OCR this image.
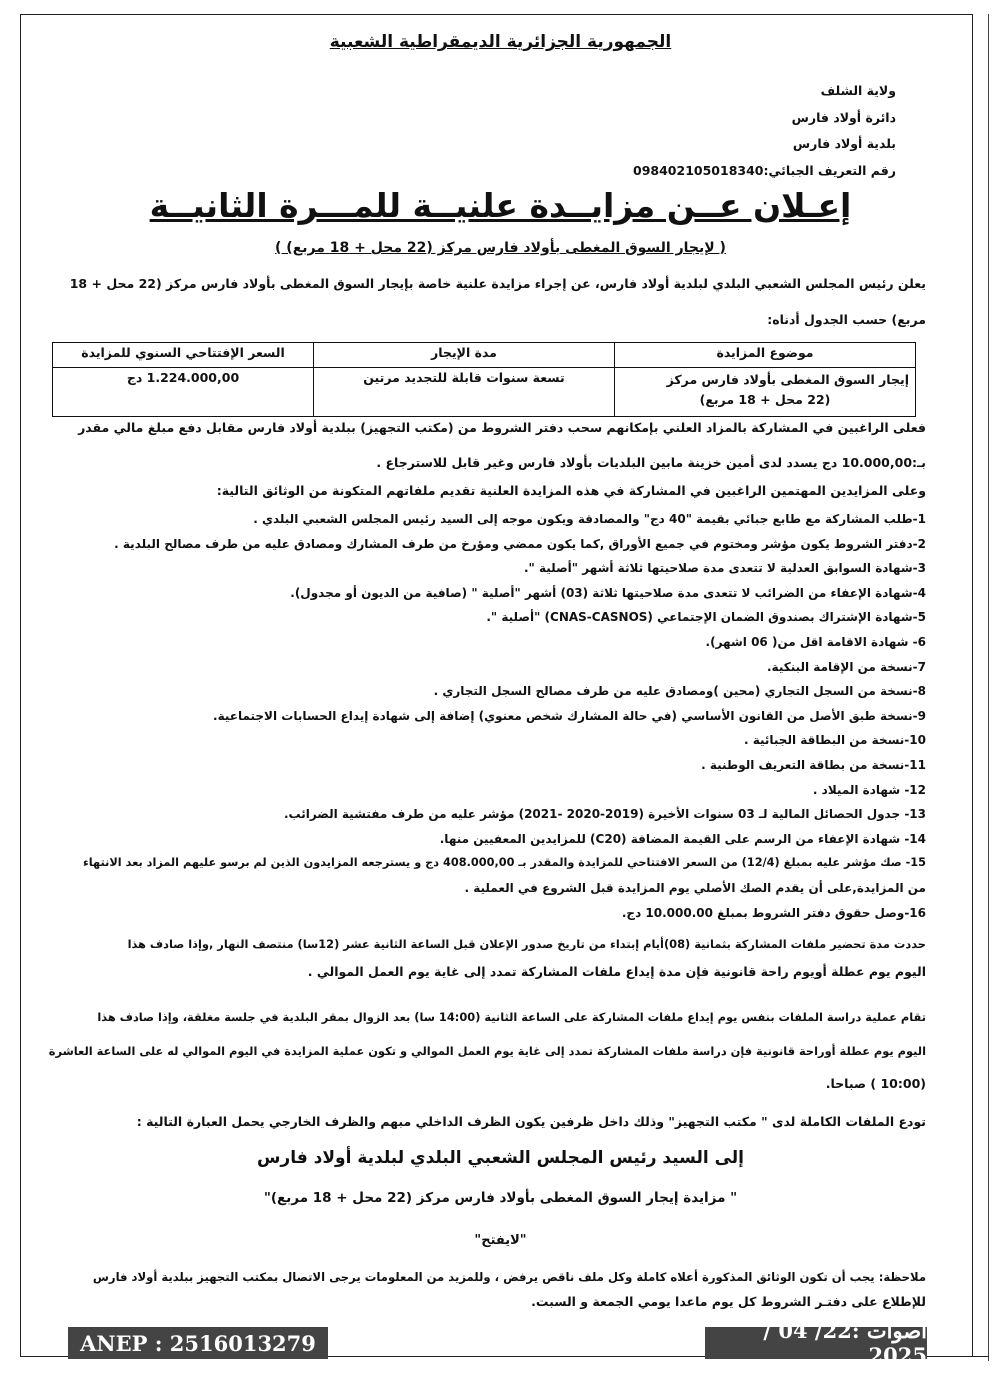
الجمهورية الجزائرية الديمقراطية الشعبية
ولاية الشلف
دائرة أولاد فارس
بلدية أولاد فارس
رقم التعريف الجبائي:098402105018340
إعـلان عــن مزايــدة علنيــة للمـــرة الثانيــة
( لإيجار السوق المغطى بأولاد فارس مركز (22 محل + 18 مربع) )
يعلن رئيس المجلس الشعبي البلدي لبلدية أولاد فارس، عن إجراء مزايدة علنية خاصة بإيجار السوق المغطى بأولاد فارس مركز (22 محل + 18
مربع) حسب الجدول أدناه:
موضوع المزايدة	مدة الإيجار	السعر الإفتتاحي السنوي للمزايدة

إيجار السوق المغطى بأولاد فارس مركز
(22 محل + 18 مربع)	تسعة سنوات قابلة للتجديد مرتين	1.224.000,00 دج
فعلى الراغبين في المشاركة بالمزاد العلني بإمكانهم سحب دفتر الشروط من (مكتب التجهيز) ببلدية أولاد فارس مقابل دفع مبلغ مالي مقدر
بـ:10.000,00 دج يسدد لدى أمين خزينة مابين البلديات بأولاد فارس وغير قابل للاسترجاع .
وعلى المزايدين المهتمين الراغبين في المشاركة في هذه المزايدة العلنية تقديم ملفاتهم المتكونة من الوثائق التالية:
1-طلب المشاركة مع طابع جبائي بقيمة "40 دج" والمصادقة ويكون موجه إلى السيد رئيس المجلس الشعبي البلدي .
2-دفتر الشروط يكون مؤشر ومختوم في جميع الأوراق ,كما يكون ممضي ومؤرخ من طرف المشارك ومصادق عليه من طرف مصالح البلدية .
3-شهادة السوابق العدلية لا تتعدى مدة صلاحيتها ثلاثة أشهر "أصلية ".
4-شهادة الإعفاء من الضرائب لا تتعدى مدة صلاحيتها ثلاثة (03) أشهر "أصلية " (صافية من الديون أو مجدول).
5-شهادة الإشتراك بصندوق الضمان الإجتماعي (CNAS-CASNOS) "أصلية ".
6- شهادة الاقامة اقل من( 06 اشهر).
7-نسخة من الإقامة البنكية.
8-نسخة من السجل التجاري (محين )ومصادق عليه من طرف مصالح السجل التجاري .
9-نسخة طبق الأصل من القانون الأساسي (في حالة المشارك شخص معنوي) إضافة إلى شهادة إيداع الحسابات الاجتماعية.
10-نسخة من البطاقة الجبائية .
11-نسخة من بطاقة التعريف الوطنية .
12- شهادة الميلاد .
13- جدول الحصائل المالية لـ 03 سنوات الأخيرة (2019-2020 -2021) مؤشر عليه من طرف مفتشية الضرائب.
14- شهادة الإعفاء من الرسم على القيمة المضافة (C20) للمزايدين المعفيين منها.
15- صك مؤشر عليه بمبلغ (12/4) من السعر الافتتاحي للمزايدة والمقدر بـ 408.000,00 دج و يسترجعه المزايدون الذين لم برسو عليهم المزاد بعد الانتهاء
من المزايدة,على أن يقدم الصك الأصلي يوم المزايدة قبل الشروع في العملية .
16-وصل حقوق دفتر الشروط بمبلغ 10.000.00 دج.
حددت مدة تحضير ملفات المشاركة بثمانية (08)أيام إبتداء من تاريخ صدور الإعلان قبل الساعة الثانية عشر (12سا) منتصف النهار ,وإذا صادف هذا
اليوم يوم عطلة أويوم راحة قانونية فإن مدة إيداع ملفات المشاركة تمدد إلى غاية يوم العمل الموالي .
تقام عملية دراسة الملفات بنفس يوم إيداع ملفات المشاركة على الساعة الثانية (14:00 سا) بعد الزوال بمقر البلدية في جلسة مغلقة، وإذا صادف هذا
اليوم يوم عطلة أوراحة قانونية فإن دراسة ملفات المشاركة تمدد إلى غاية يوم العمل الموالي و تكون عملية المزايدة في اليوم الموالي له على الساعة العاشرة
(10:00 ) صباحا.
تودع الملفات الكاملة لدى " مكتب التجهيز" وذلك داخل ظرفين يكون الظرف الداخلي مبهم والظرف الخارجي يحمل العبارة التالية :
إلى السيد رئيس المجلس الشعبي البلدي لبلدية أولاد فارس
" مزايدة إيجار السوق المغطى بأولاد فارس مركز (22 محل + 18 مربع)"
"لايفتح"
ملاحظة: يجب أن تكون الوثائق المذكورة أعلاه كاملة وكل ملف ناقص يرفض ، وللمزيد من المعلومات يرجى الاتصال بمكتب التجهيز ببلدية أولاد فارس
للإطلاع على دفتـر الشروط كل يوم ماعدا يومي الجمعة و السبت.
ANEP : 2516013279	أصوات :22/ 04 / 2025
